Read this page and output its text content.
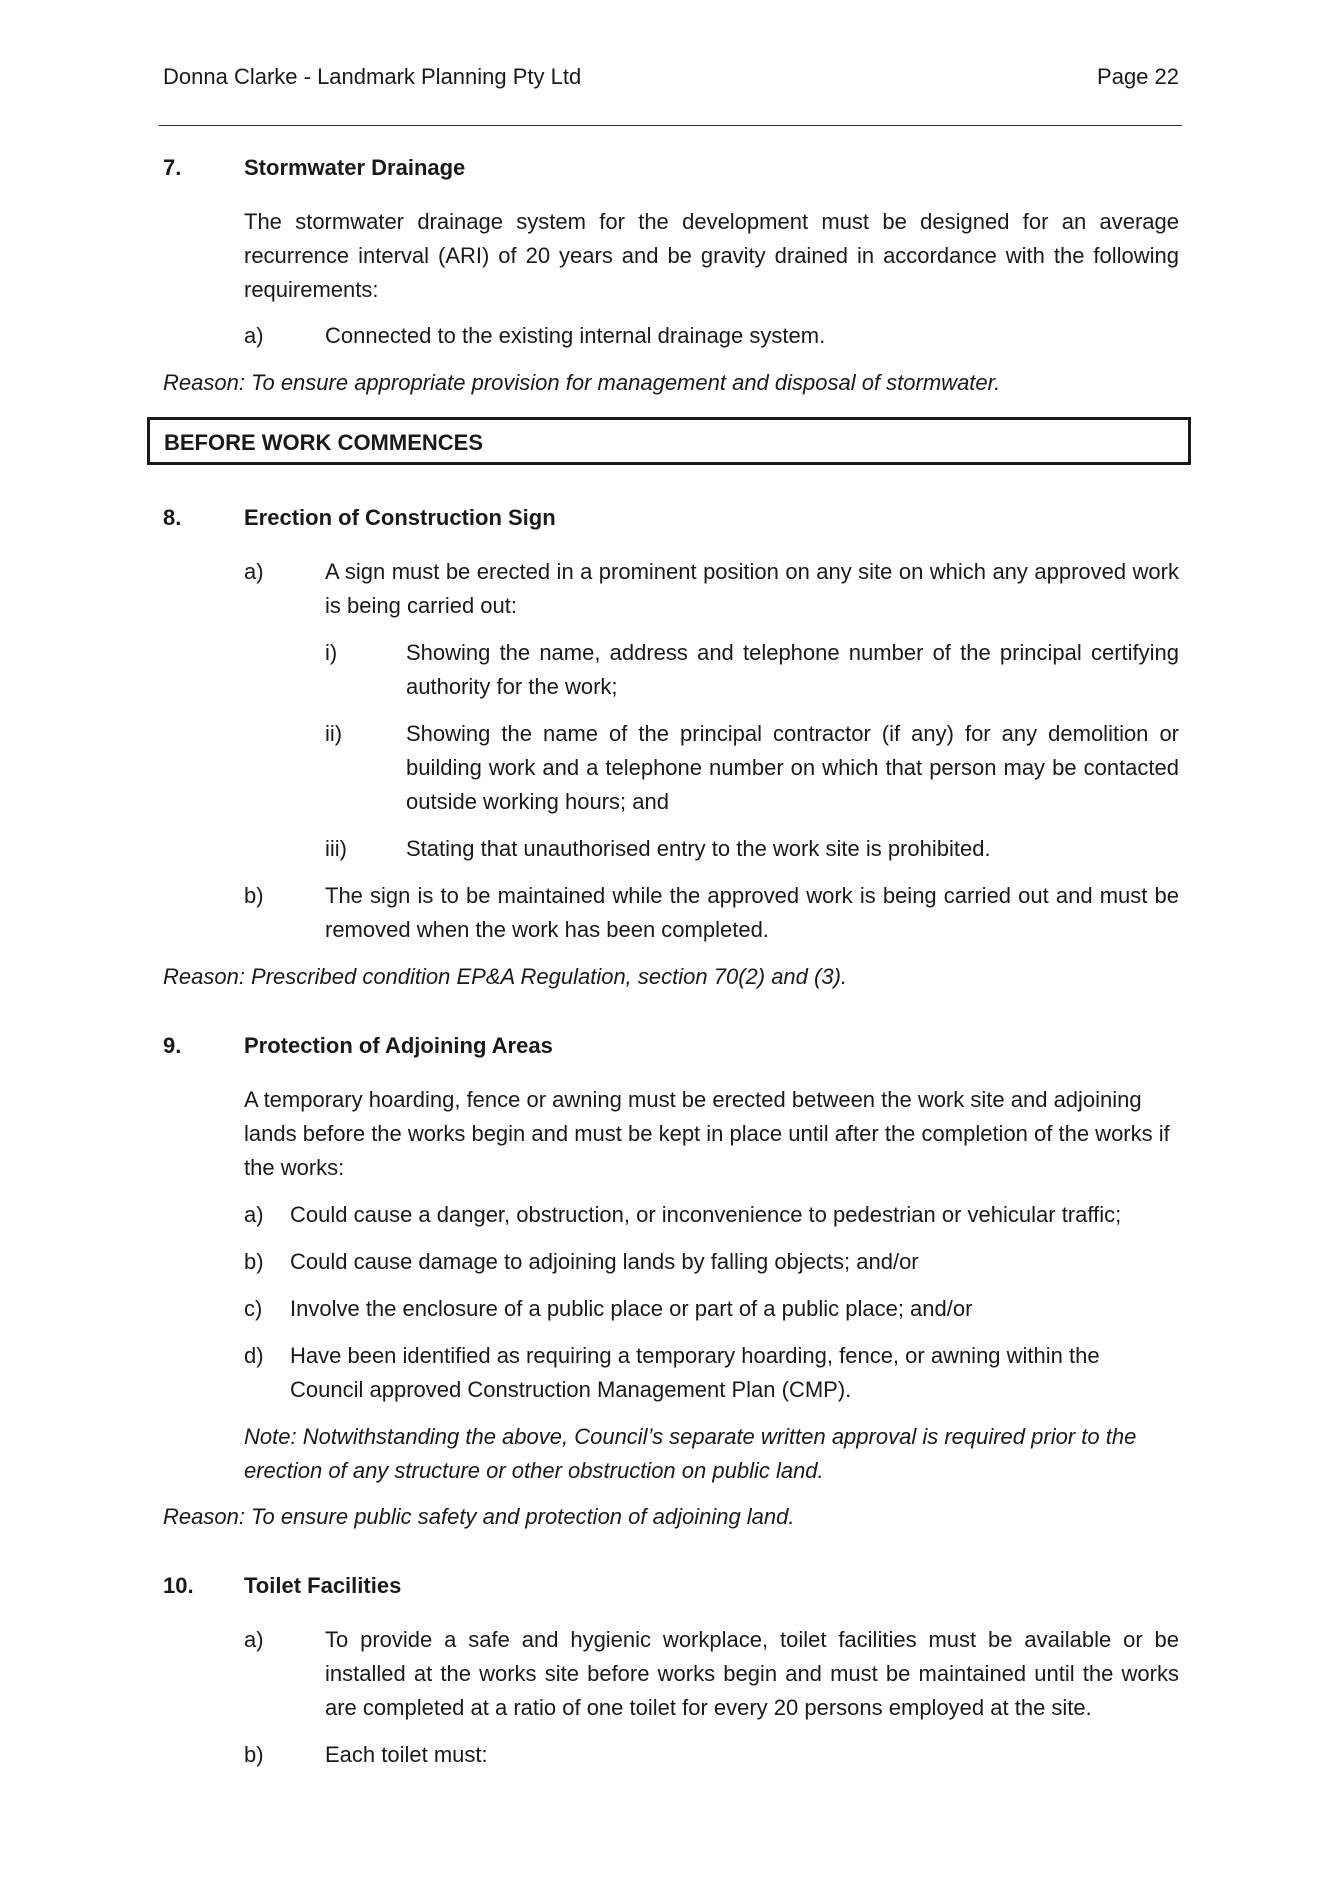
Donna Clarke - Landmark Planning Pty Ltd	Page 22
7.	Stormwater Drainage
The stormwater drainage system for the development must be designed for an average recurrence interval (ARI) of 20 years and be gravity drained in accordance with the following requirements:
a)	Connected to the existing internal drainage system.
Reason: To ensure appropriate provision for management and disposal of stormwater.
BEFORE WORK COMMENCES
8.	Erection of Construction Sign
a)	A sign must be erected in a prominent position on any site on which any approved work is being carried out:
i)	Showing the name, address and telephone number of the principal certifying authority for the work;
ii)	Showing the name of the principal contractor (if any) for any demolition or building work and a telephone number on which that person may be contacted outside working hours; and
iii)	Stating that unauthorised entry to the work site is prohibited.
b)	The sign is to be maintained while the approved work is being carried out and must be removed when the work has been completed.
Reason: Prescribed condition EP&A Regulation, section 70(2) and (3).
9.	Protection of Adjoining Areas
A temporary hoarding, fence or awning must be erected between the work site and adjoining lands before the works begin and must be kept in place until after the completion of the works if the works:
a) Could cause a danger, obstruction, or inconvenience to pedestrian or vehicular traffic;
b) Could cause damage to adjoining lands by falling objects; and/or
c) Involve the enclosure of a public place or part of a public place; and/or
d) Have been identified as requiring a temporary hoarding, fence, or awning within the Council approved Construction Management Plan (CMP).
Note: Notwithstanding the above, Council’s separate written approval is required prior to the erection of any structure or other obstruction on public land.
Reason: To ensure public safety and protection of adjoining land.
10. Toilet Facilities
a)	To provide a safe and hygienic workplace, toilet facilities must be available or be installed at the works site before works begin and must be maintained until the works are completed at a ratio of one toilet for every 20 persons employed at the site.
b)	Each toilet must:
